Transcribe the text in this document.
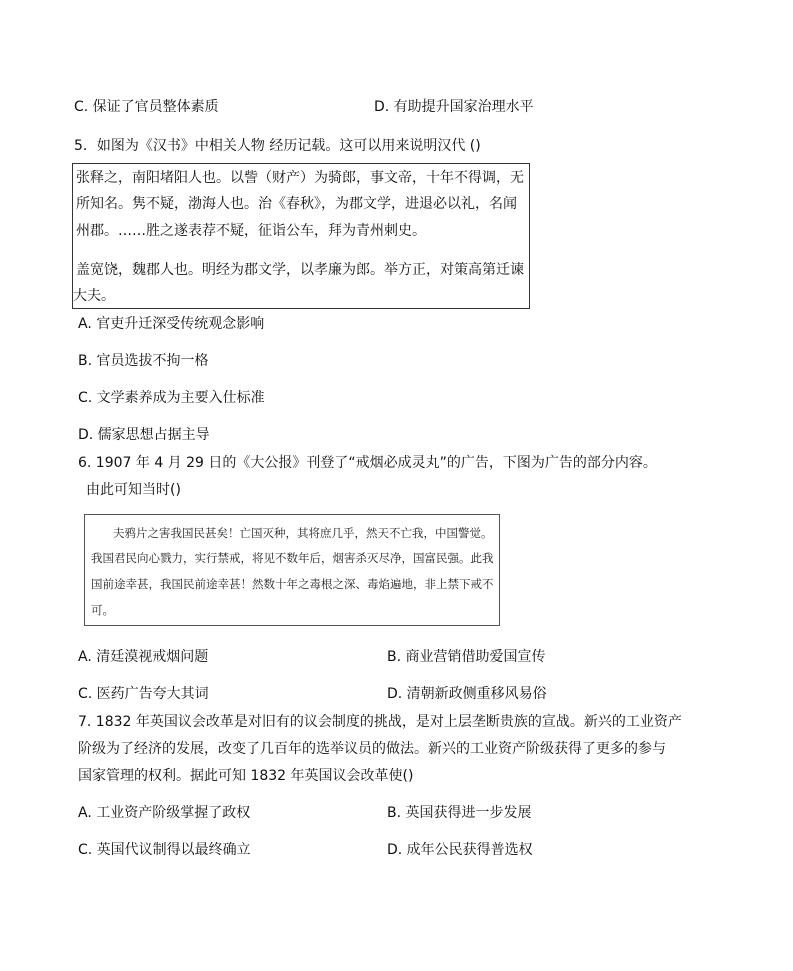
C. 保证了官员整体素质	D. 有助提升国家治理水平
5．如图为《汉书》中相关人物 经历记载。这可以用来说明汉代 ()
张释之，南阳堵阳人也。以訾（财产）为骑郎，事文帝，十年不得调，无
所知名。隽不疑，渤海人也。治《春秋》，为郡文学，进退必以礼，名闻
州郡。……胜之遂表荐不疑，征诣公车，拜为青州刺史。
盖宽饶，魏郡人也。明经为郡文学，以孝廉为郎。举方正，对策高第迁谏
大夫。
A. 官吏升迁深受传统观念影响
B. 官员选拔不拘一格
C. 文学素养成为主要入仕标准
D. 儒家思想占据主导
6. 1907 年 4 月 29 日的《大公报》刊登了“戒烟必成灵丸”的广告，下图为广告的部分内容。
由此可知当时()
夫鸦片之害我国民甚矣！亡国灭种，其将庶几乎，然天不亡我，中国警觉。
我国君民向心戮力，实行禁戒，将见不数年后，烟害杀灭尽净，国富民强。此我
国前途幸甚，我国民前途幸甚！然数十年之毒根之深、毒焰遍地，非上禁下戒不
可。
A. 清廷漠视戒烟问题	B. 商业营销借助爱国宣传
C. 医药广告夸大其词	D. 清朝新政侧重移风易俗
7. 1832 年英国议会改革是对旧有的议会制度的挑战，是对上层垄断贵族的宣战。新兴的工业资产
阶级为了经济的发展，改变了几百年的选举议员的做法。新兴的工业资产阶级获得了更多的参与
国家管理的权利。据此可知 1832 年英国议会改革使()
A. 工业资产阶级掌握了政权	B. 英国获得进一步发展
C. 英国代议制得以最终确立	D. 成年公民获得普选权
